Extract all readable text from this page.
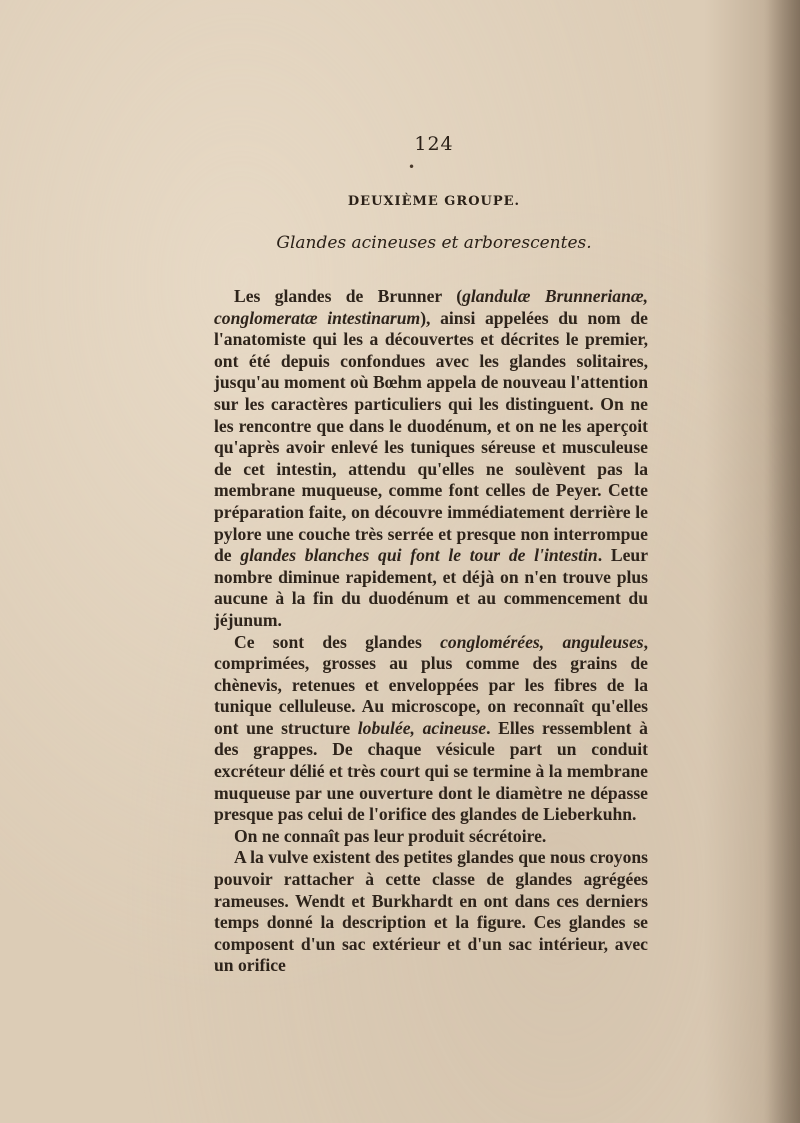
124
•
DEUXIÈME GROUPE.
Glandes acineuses et arborescentes.

Les glandes de Brunner (glandulæ Brunnerianæ, conglomeratæ intestinarum), ainsi appelées du nom de l'anatomiste qui les a découvertes et décrites le premier, ont été depuis confondues avec les glandes solitaires, jusqu'au moment où Bœhm appela de nouveau l'attention sur les caractères particuliers qui les distinguent. On ne les rencontre que dans le duodénum, et on ne les aperçoit qu'après avoir enlevé les tuniques séreuse et musculeuse de cet intestin, attendu qu'elles ne soulèvent pas la membrane muqueuse, comme font celles de Peyer. Cette préparation faite, on découvre immédiatement derrière le pylore une couche très serrée et presque non interrompue de glandes blanches qui font le tour de l'intestin. Leur nombre diminue rapidement, et déjà on n'en trouve plus aucune à la fin du duodénum et au commencement du jéjunum.

Ce sont des glandes conglomérées, anguleuses, comprimées, grosses au plus comme des grains de chènevis, retenues et enveloppées par les fibres de la tunique celluleuse. Au microscope, on reconnaît qu'elles ont une structure lobulée, acineuse. Elles ressemblent à des grappes. De chaque vésicule part un conduit excréteur délié et très court qui se termine à la membrane muqueuse par une ouverture dont le diamètre ne dépasse presque pas celui de l'orifice des glandes de Lieberkuhn.

On ne connaît pas leur produit sécrétoire.

A la vulve existent des petites glandes que nous croyons pouvoir rattacher à cette classe de glandes agrégées rameuses. Wendt et Burkhardt en ont dans ces derniers temps donné la description et la figure. Ces glandes se composent d'un sac extérieur et d'un sac intérieur, avec un orifice
